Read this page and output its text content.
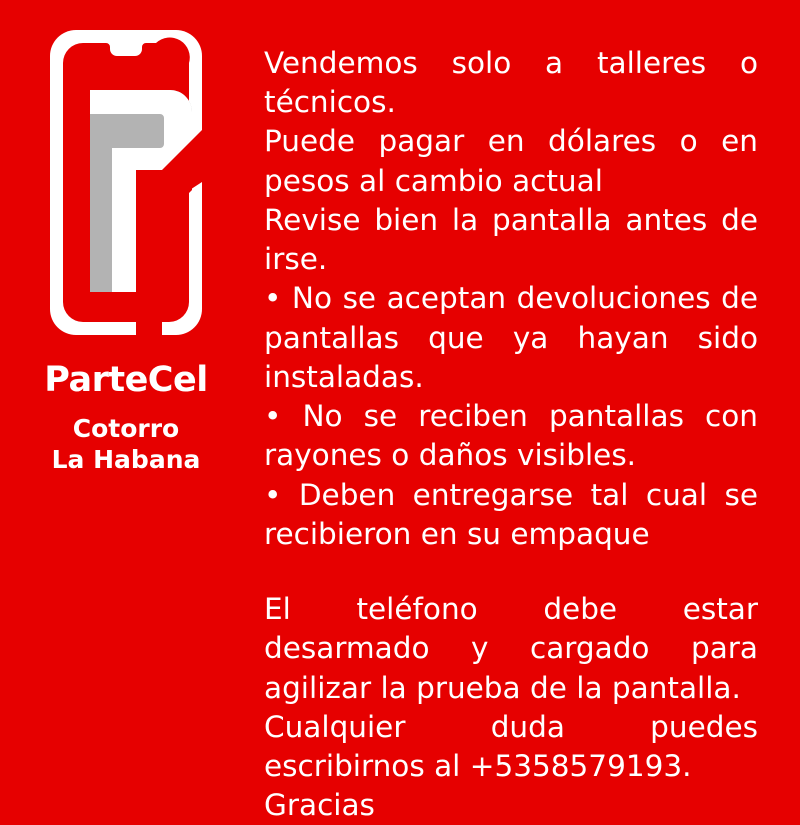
ParteCel
Cotorro
La Habana

Vendemos solo a talleres o técnicos.

Puede pagar en dólares o en pesos al cambio actual

Revise bien la pantalla antes de irse.

• No se aceptan devoluciones de pantallas que ya hayan sido instaladas.

• No se reciben pantallas con rayones o daños visibles.

• Deben entregarse tal cual se recibieron en su empaque

El teléfono debe estar desarmado y cargado para agilizar la prueba de la pantalla.

Cualquier duda puedes escribirnos al +5358579193.

Gracias
